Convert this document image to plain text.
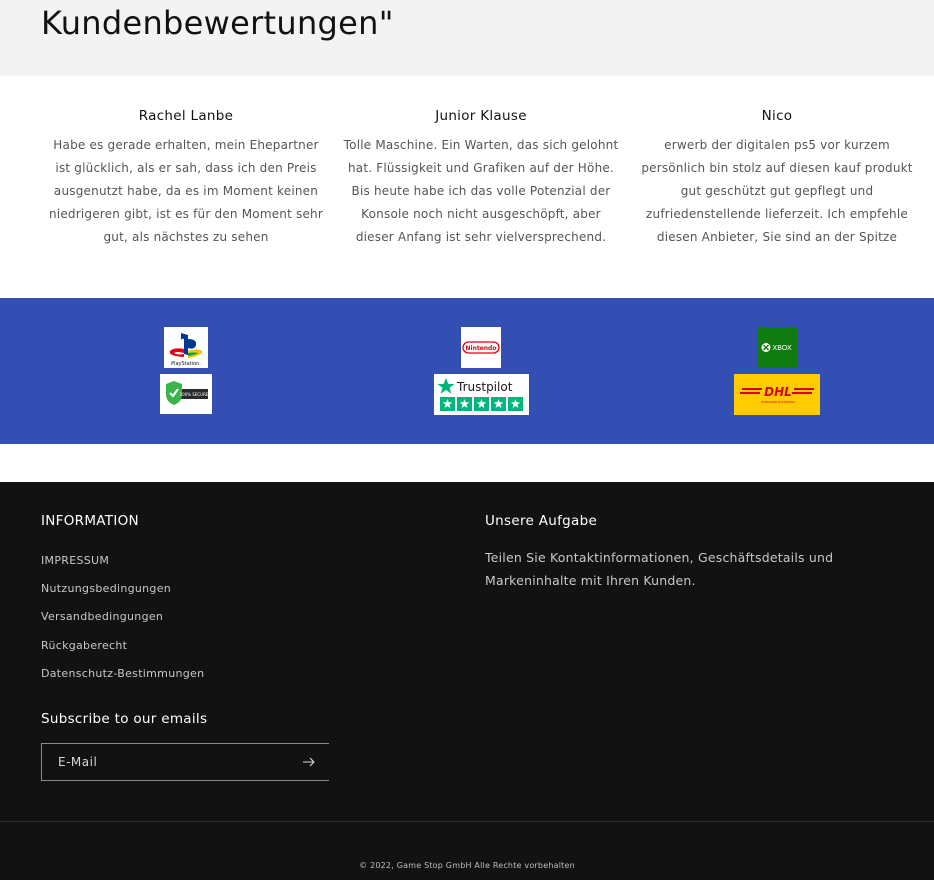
Kundenbewertungen"
Rachel Lanbe

Habe es gerade erhalten, mein Ehepartner ist glücklich, als er sah, dass ich den Preis ausgenutzt habe, da es im Moment keinen niedrigeren gibt, ist es für den Moment sehr gut, als nächstes zu sehen

Junior Klause

Tolle Maschine. Ein Warten, das sich gelohnt hat. Flüssigkeit und Grafiken auf der Höhe. Bis heute habe ich das volle Potenzial der Konsole noch nicht ausgeschöpft, aber dieser Anfang ist sehr vielversprechend.

Nico

erwerb der digitalen ps5 vor kurzem persönlich bin stolz auf diesen kauf produkt gut geschützt gut gepflegt und zufriedenstellende lieferzeit. Ich empfehle diesen Anbieter, Sie sind an der Spitze

PlayStation.
Nintendo	XBOX
100% SECURE
Trustpilot	DHL
WORLDWIDE EXPRESS
INFORMATION
IMPRESSUM
Nutzungsbedingungen
Versandbedingungen
Rückgaberecht
Datenschutz-Bestimmungen
Unsere Aufgabe

Teilen Sie Kontaktinformationen, Geschäftsdetails und Markeninhalte mit Ihren Kunden.

Subscribe to our emails
E-Mail
© 2022, Game Stop GmbH Alle Rechte vorbehalten
